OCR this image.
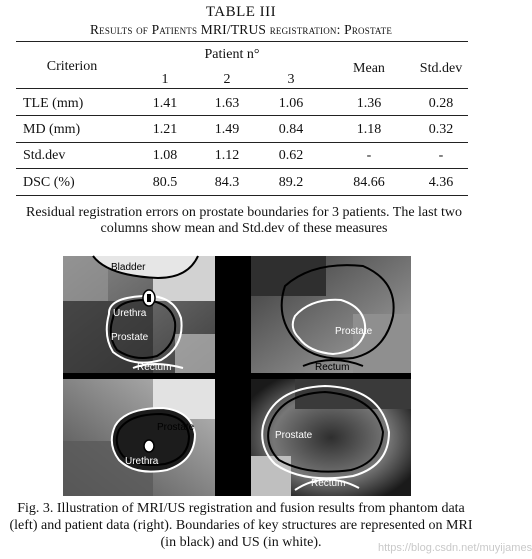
TABLE III
Results of Patients MRI/TRUS registration: Prostate
Criterion
Patient n°
1	2	3
Mean Std.dev
TLE (mm)	1.41	1.63	1.06	1.36	0.28
MD (mm)	1.21	1.49	0.84	1.18	0.32
Std.dev	1.08	1.12	0.62	-	-
DSC (%)	80.5	84.3	89.2	84.66	4.36
Residual registration errors on prostate boundaries for 3 patients. The last two columns show mean and Std.dev of these measures
Bladder
Urethra
Prostate
Rectum
Prostate
Urethra
Prostate
Rectum
Prostate
Rectum
Fig. 3. Illustration of MRI/US registration and fusion results from phantom data (left) and patient data (right). Boundaries of key structures are represented on MRI (in black) and US (in white).	https://blog.csdn.net/muyijames
